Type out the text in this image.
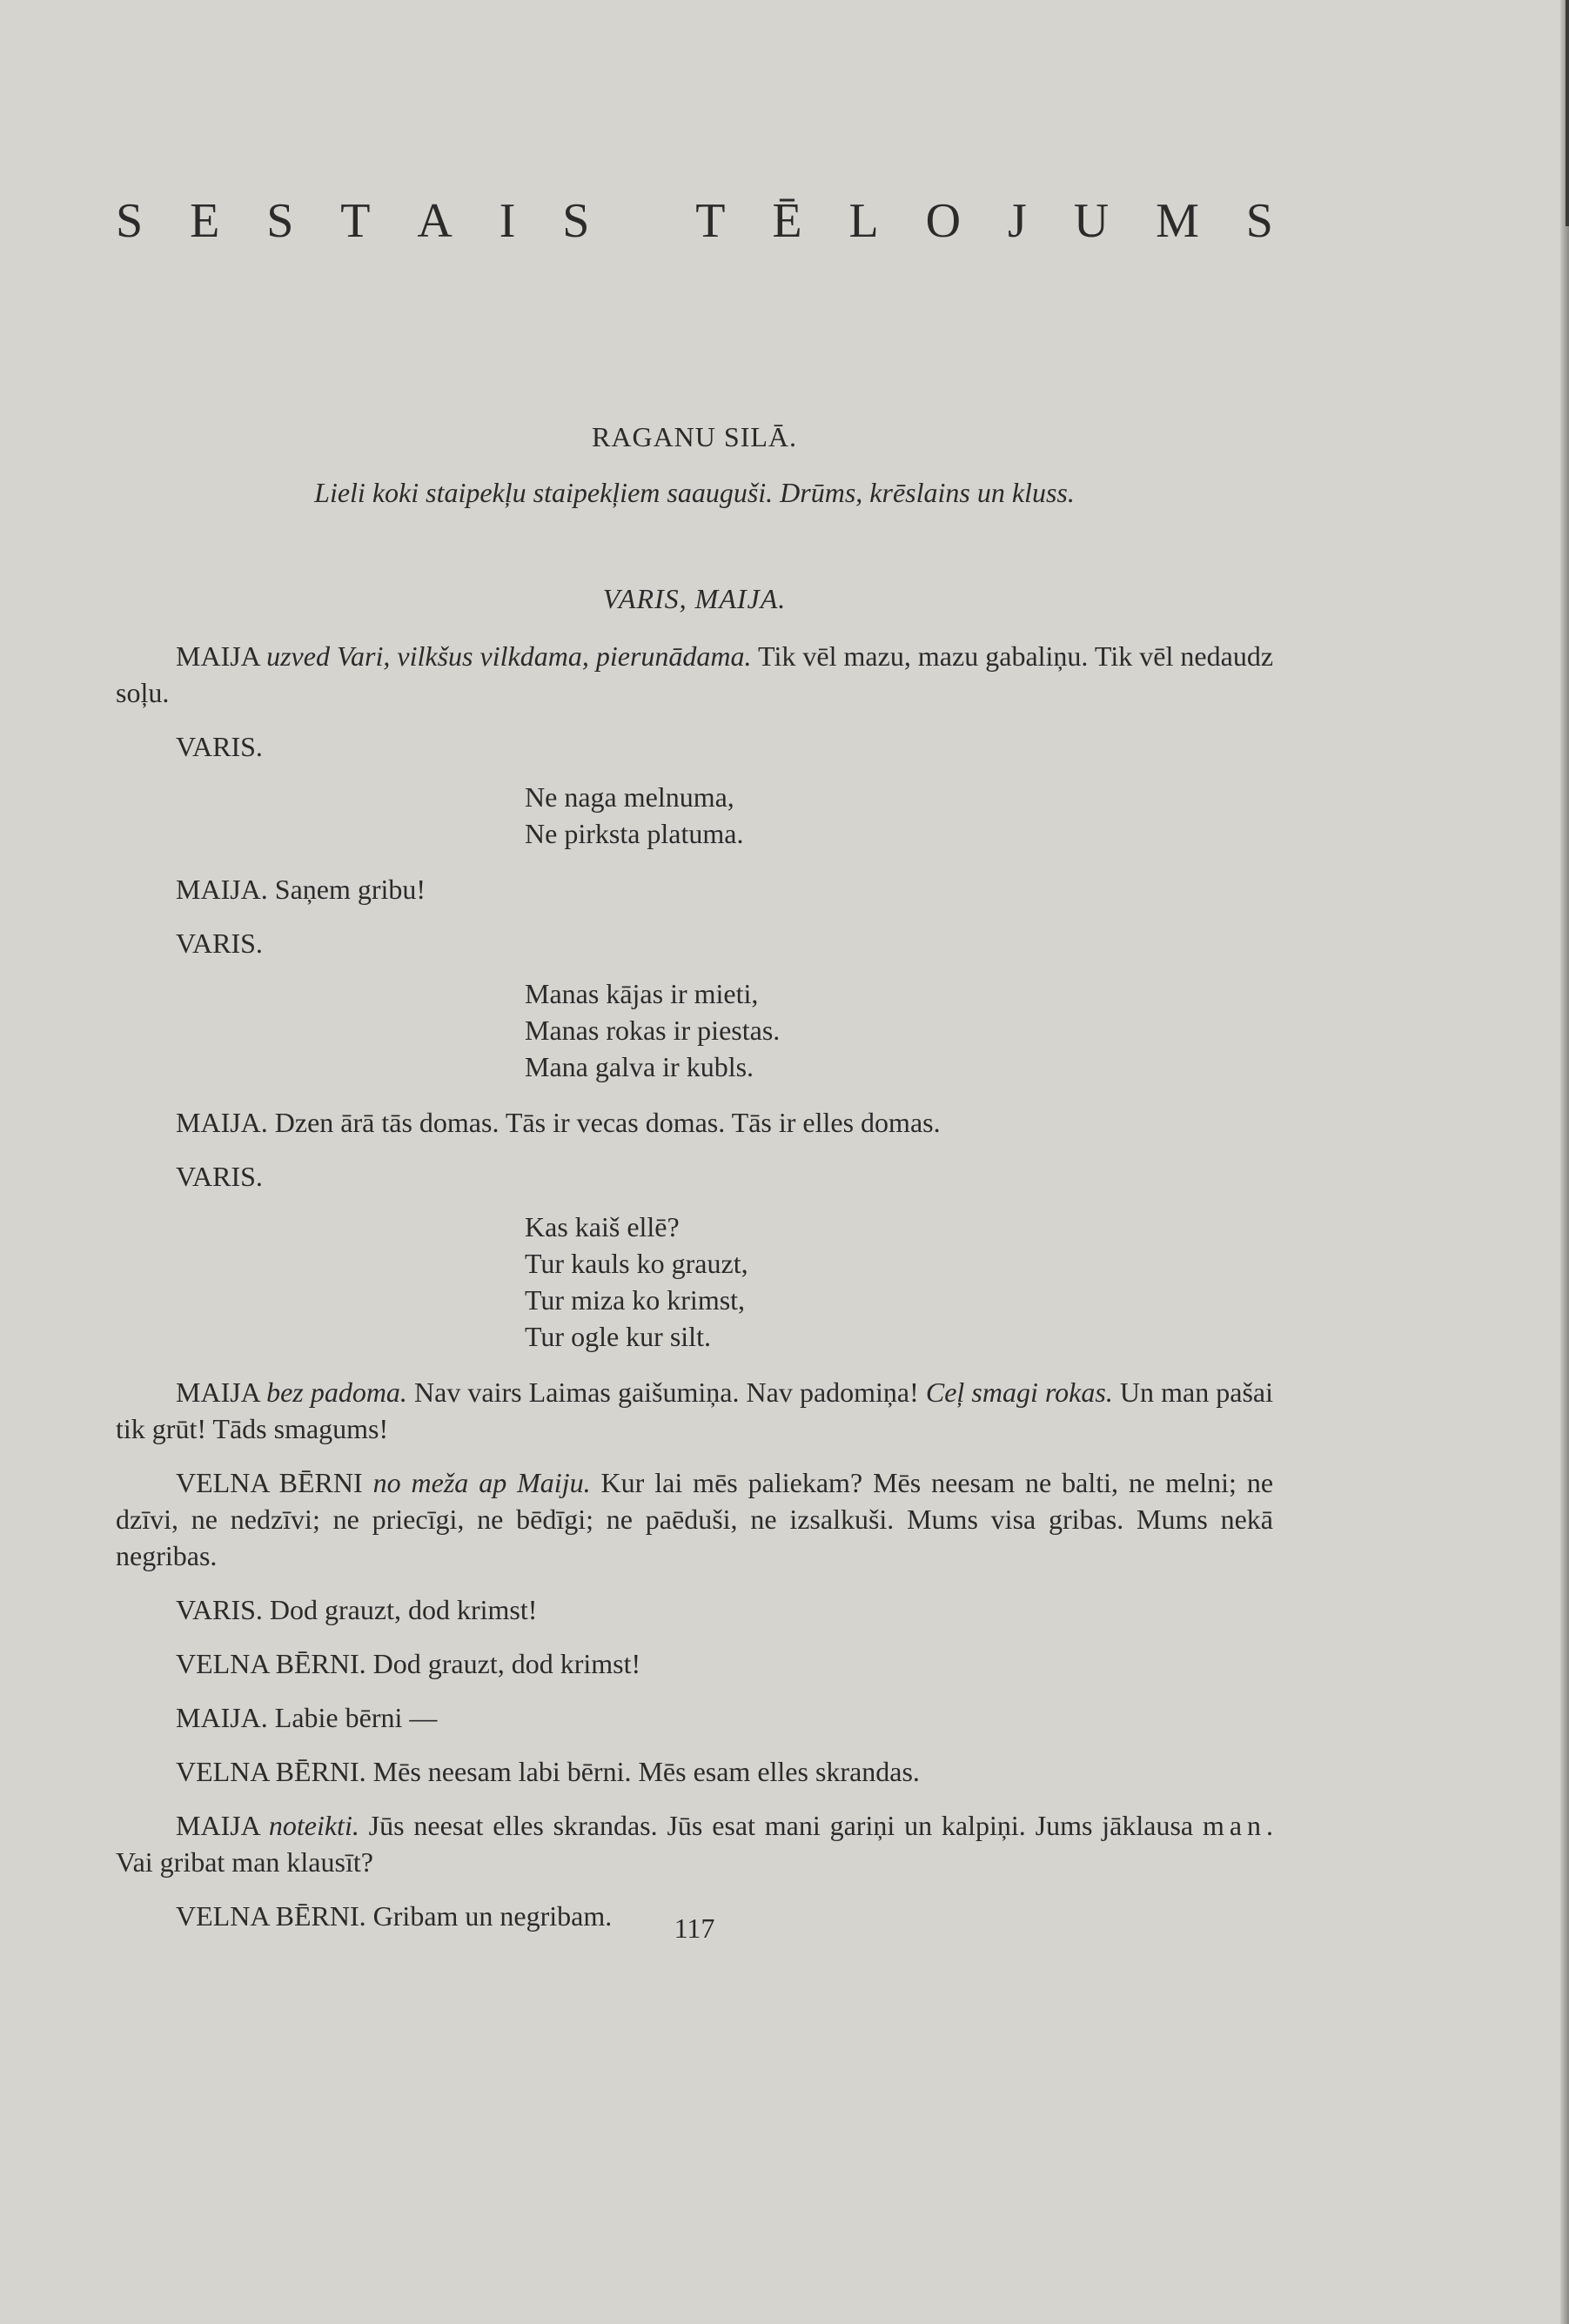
S E S T A I S
T Ē L O J U M S
RAGANU SILĀ.
Lieli koki staipekļu staipekļiem saauguši. Drūms, krēslains un kluss.
VARIS, MAIJA.

MAIJA uzved Vari, vilkšus vilkdama, pierunādama. Tik vēl mazu, mazu gabaliņu. Tik vēl nedaudz soļu.

VARIS.
Ne naga melnuma,
Ne pirksta platuma.

MAIJA. Saņem gribu!

VARIS.
Manas kājas ir mieti,
Manas rokas ir piestas.
Mana galva ir kubls.

MAIJA. Dzen ārā tās domas. Tās ir vecas domas. Tās ir elles domas.

VARIS.
Kas kaiš ellē?
Tur kauls ko grauzt,
Tur miza ko krimst,
Tur ogle kur silt.

MAIJA bez padoma. Nav vairs Laimas gaišumiņa. Nav padomiņa! Ceļ smagi rokas. Un man pašai tik grūt! Tāds smagums!

VELNA BĒRNI no meža ap Maiju. Kur lai mēs paliekam? Mēs neesam ne balti, ne melni; ne dzīvi, ne nedzīvi; ne priecīgi, ne bēdīgi; ne paēduši, ne izsalkuši. Mums visa gribas. Mums nekā negribas.

VARIS. Dod grauzt, dod krimst!

VELNA BĒRNI. Dod grauzt, dod krimst!

MAIJA. Labie bērni —

VELNA BĒRNI. Mēs neesam labi bērni. Mēs esam elles skrandas.

MAIJA noteikti. Jūs neesat elles skrandas. Jūs esat mani gariņi un kalpiņi. Jums jāklausa man. Vai gribat man klausīt?

VELNA BĒRNI. Gribam un negribam.	117
